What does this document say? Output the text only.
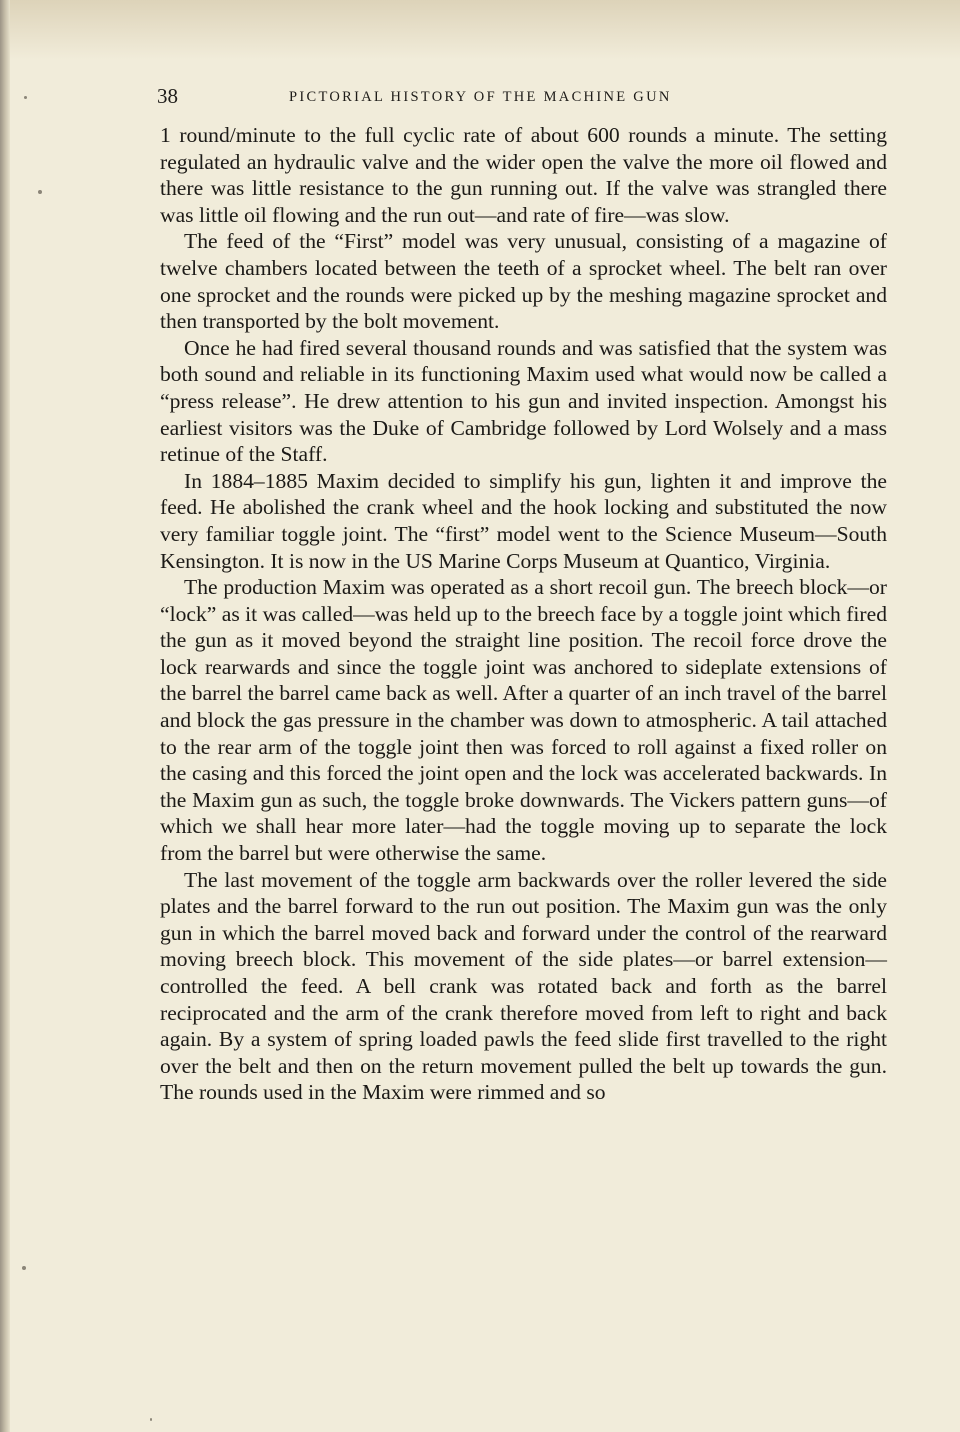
38	PICTORIAL HISTORY OF THE MACHINE GUN

1 round/minute to the full cyclic rate of about 600 rounds a minute. The setting regulated an hydraulic valve and the wider open the valve the more oil flowed and there was little resistance to the gun running out. If the valve was strangled there was little oil flowing and the run out—and rate of fire—was slow.

The feed of the “First” model was very unusual, consisting of a magazine of twelve chambers located between the teeth of a sprocket wheel. The belt ran over one sprocket and the rounds were picked up by the meshing magazine sprocket and then transported by the bolt movement.

Once he had fired several thousand rounds and was satisfied that the system was both sound and reliable in its functioning Maxim used what would now be called a “press release”. He drew attention to his gun and invited inspection. Amongst his earliest visitors was the Duke of Cambridge followed by Lord Wolsely and a mass retinue of the Staff.

In 1884–1885 Maxim decided to simplify his gun, lighten it and improve the feed. He abolished the crank wheel and the hook locking and substituted the now very familiar toggle joint. The “first” model went to the Science Museum—South Kensington. It is now in the US Marine Corps Museum at Quantico, Virginia.

The production Maxim was operated as a short recoil gun. The breech block—or “lock” as it was called—was held up to the breech face by a toggle joint which fired the gun as it moved beyond the straight line position. The recoil force drove the lock rearwards and since the toggle joint was anchored to sideplate extensions of the barrel the barrel came back as well. After a quarter of an inch travel of the barrel and block the gas pressure in the chamber was down to atmospheric. A tail attached to the rear arm of the toggle joint then was forced to roll against a fixed roller on the casing and this forced the joint open and the lock was accelerated backwards. In the Maxim gun as such, the toggle broke downwards. The Vickers pattern guns—of which we shall hear more later—had the toggle moving up to separate the lock from the barrel but were otherwise the same.

The last movement of the toggle arm backwards over the roller levered the side plates and the barrel forward to the run out position. The Maxim gun was the only gun in which the barrel moved back and forward under the control of the rearward moving breech block. This movement of the side plates—or barrel extension—controlled the feed. A bell crank was rotated back and forth as the barrel reciprocated and the arm of the crank therefore moved from left to right and back again. By a system of spring loaded pawls the feed slide first travelled to the right over the belt and then on the return movement pulled the belt up towards the gun. The rounds used in the Maxim were rimmed and so
